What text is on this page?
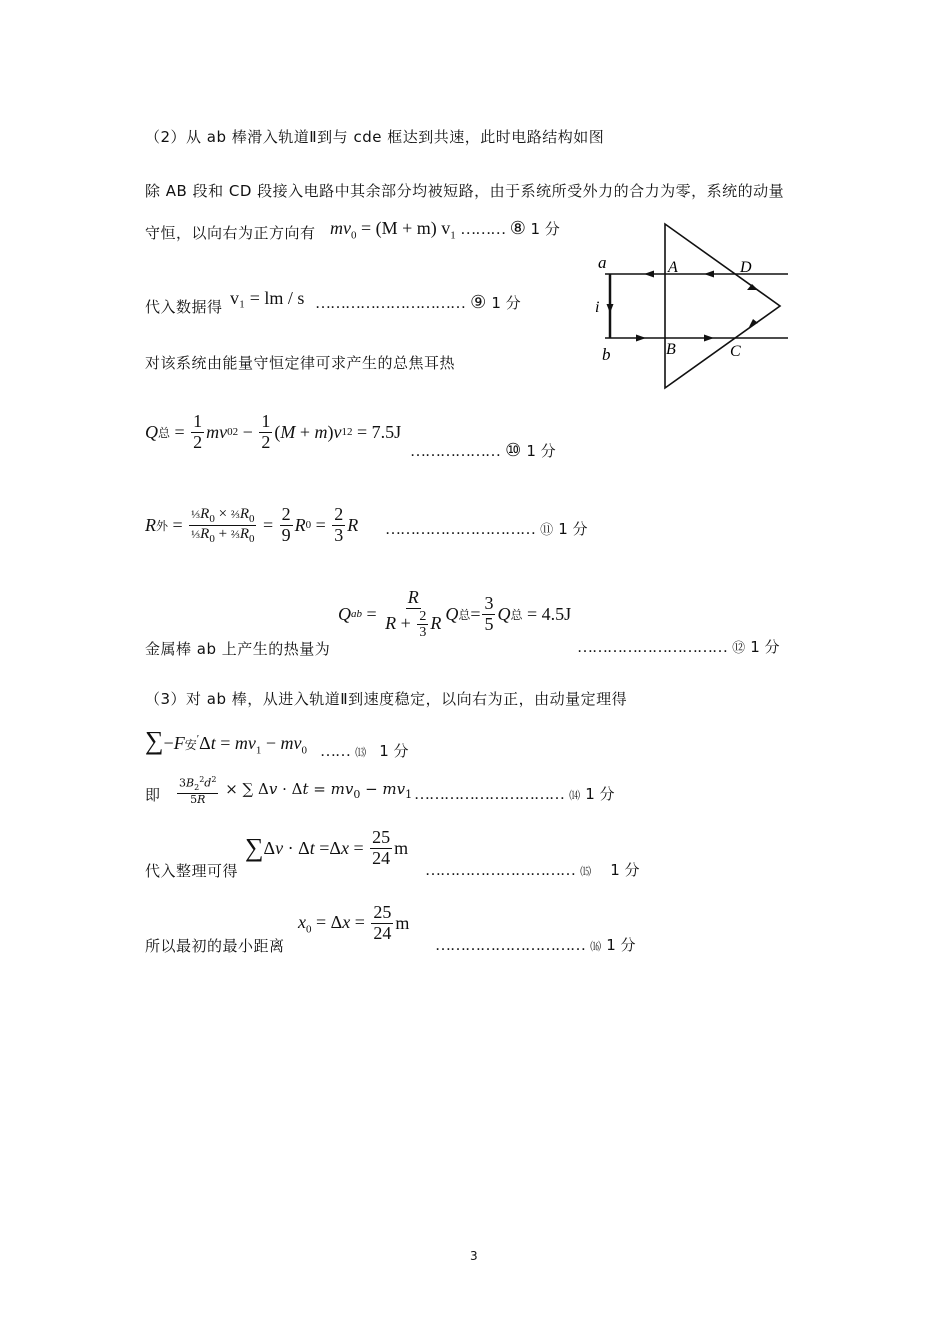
（2）从 ab 棒滑入轨道Ⅱ到与 cde 框达到共速，此时电路结构如图
除 AB 段和 CD 段接入电路中其余部分均被短路，由于系统所受外力的合力为零，系统的动量
守恒，以向右为正方向有 $mv_0 = (M + m)$ $v_1$ ……… ⑧ 1 分
代入数据得 v₁ = lm / s ………………………… ⑨ 1 分
对该系统由能量守恒定律可求产生的总焦耳热
Q 总 = $\frac{1}{2}$ mv 0 $2 - \frac{1}{2} (M + m)v$ 1 2
= 7.5J
……………… ⑩ 1 分
R 外 = $\frac{\frac{1}{3}R_0 \times \frac{2}{3}R_0}{\frac{1}{3}R_0 + \frac{2}{3}R_0} = \frac{2}{9}$ R $0 = \frac{2}{3}$ R ………………………… ⑪ 1 分
Q ab = $\frac{R}{R + \frac{2}{3} R}$ Q 总 = $\frac{3}{5}$ Q 总
= 4.5J
金属棒 ab 上产生的热量为	………………………… ⑫ 1 分
a
b
i
A
B	C
D
（3）对 ab 棒，从进入轨道Ⅱ到速度稳定，以向右为正，由动量定理得
∑−F安$'\Delta t = mv_1 - mv_0$ …… ⒀ 1 分
即 $\frac{3B_2^2d^2}{5R}$ × ∑ $\Delta v \cdot \Delta t = mv_0 - mv_1$ ………………………… ⒁ 1 分
代入整理可得
∑ $\Delta v \cdot \Delta t =\Delta x = \frac{25}{24}$ m
………………………… ⒂ 1 分
所以最初的最小距离
$x_0 = \Delta x = \frac{25}{24}$ m
………………………… ⒃ 1 分
3
